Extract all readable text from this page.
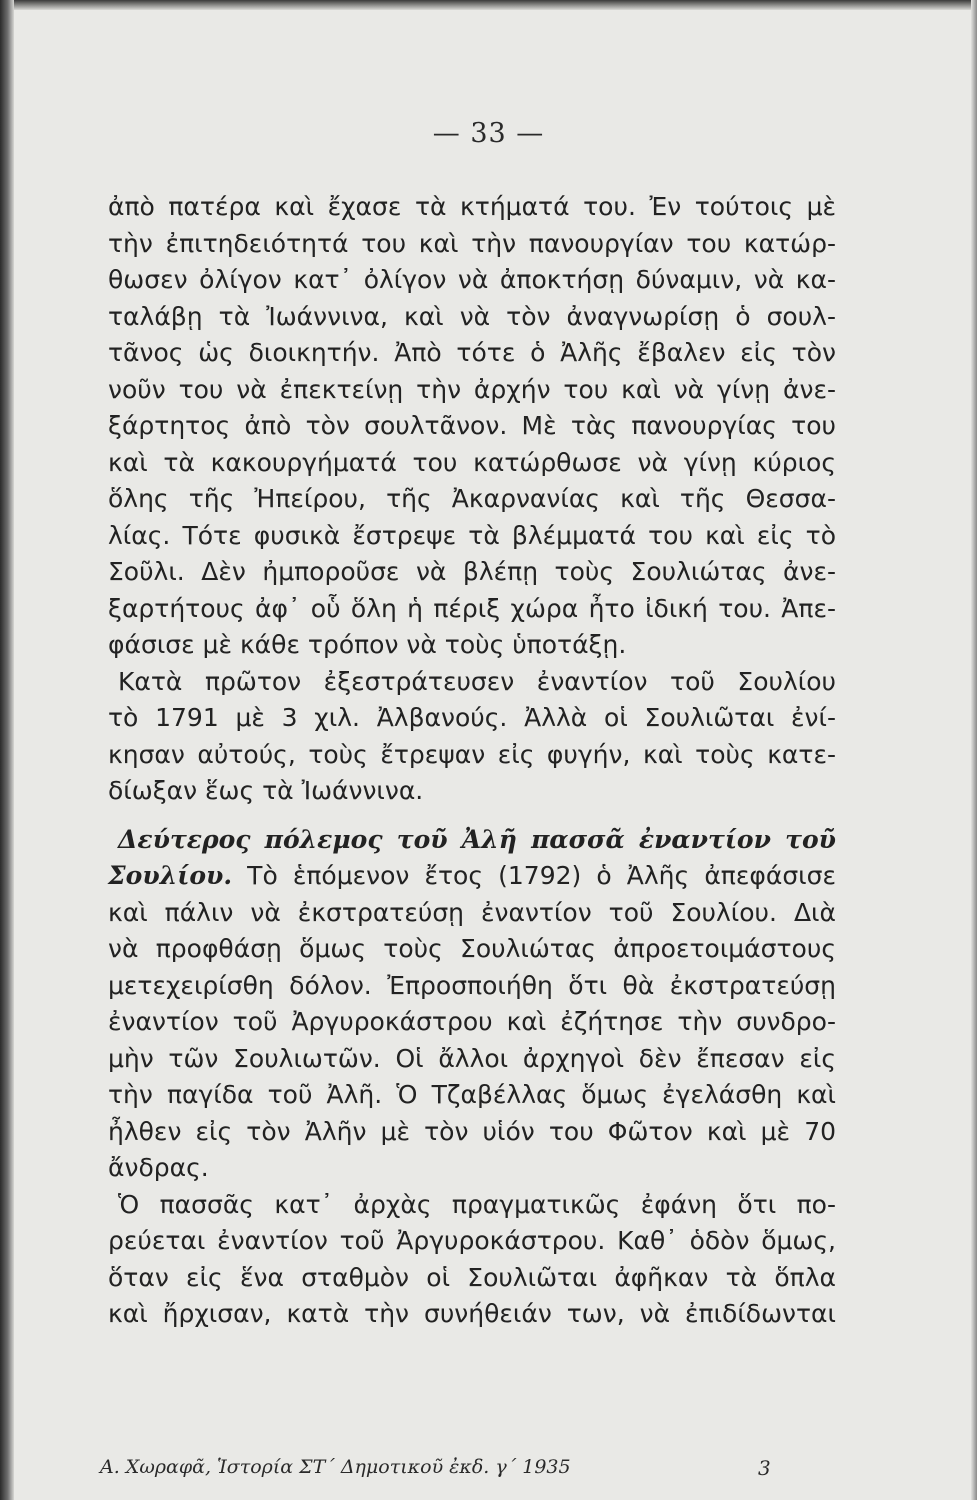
— 33 —
ἀπὸ πατέρα καὶ ἔχασε τὰ κτήματά του. Ἐν τούτοις μὲ
τὴν ἐπιτηδειότητά του καὶ τὴν πανουργίαν του κατώρ-
θωσεν ὀλίγον κατ᾿ ὀλίγον νὰ ἀποκτήσῃ δύναμιν, νὰ κα-
ταλάβῃ τὰ Ἰωάννινα, καὶ νὰ τὸν ἀναγνωρίσῃ ὁ σουλ-
τᾶνος ὡς διοικητήν. Ἀπὸ τότε ὁ Ἀλῆς ἔβαλεν εἰς τὸν
νοῦν του νὰ ἐπεκτείνῃ τὴν ἀρχήν του καὶ νὰ γίνῃ ἀνε-
ξάρτητος ἀπὸ τὸν σουλτᾶνον. Μὲ τὰς πανουργίας του
καὶ τὰ κακουργήματά του κατώρθωσε νὰ γίνῃ κύριος
ὅλης τῆς Ἠπείρου, τῆς Ἀκαρνανίας καὶ τῆς Θεσσα-
λίας. Τότε φυσικὰ ἔστρεψε τὰ βλέμματά του καὶ εἰς τὸ
Σοῦλι. Δὲν ἠμποροῦσε νὰ βλέπῃ τοὺς Σουλιώτας ἀνε-
ξαρτήτους ἀφ᾿ οὗ ὅλη ἡ πέριξ χώρα ἦτο ἰδική του. Ἀπε-
φάσισε μὲ κάθε τρόπον νὰ τοὺς ὑποτάξῃ.
Κατὰ πρῶτον ἐξεστράτευσεν ἐναντίον τοῦ Σουλίου
τὸ 1791 μὲ 3 χιλ. Ἀλβανούς. Ἀλλὰ οἱ Σουλιῶται ἐνί-
κησαν αὐτούς, τοὺς ἔτρεψαν εἰς φυγήν, καὶ τοὺς κατε-
δίωξαν ἕως τὰ Ἰωάννινα.
Δεύτερος πόλεμος τοῦ Ἀλῆ πασσᾶ ἐναντίον τοῦ
Σουλίου. Τὸ ἑπόμενον ἔτος (1792) ὁ Ἀλῆς ἀπεφάσισε
καὶ πάλιν νὰ ἐκστρατεύσῃ ἐναντίον τοῦ Σουλίου. Διὰ
νὰ προφθάσῃ ὅμως τοὺς Σουλιώτας ἀπροετοιμάστους
μετεχειρίσθη δόλον. Ἐπροσποιήθη ὅτι θὰ ἐκστρατεύσῃ
ἐναντίον τοῦ Ἀργυροκάστρου καὶ ἐζήτησε τὴν συνδρο-
μὴν τῶν Σουλιωτῶν. Οἱ ἄλλοι ἀρχηγοὶ δὲν ἔπεσαν εἰς
τὴν παγίδα τοῦ Ἀλῆ. Ὁ Τζαβέλλας ὅμως ἐγελάσθη καὶ
ἦλθεν εἰς τὸν Ἀλῆν μὲ τὸν υἱόν του Φῶτον καὶ μὲ 70
ἄνδρας.
Ὁ πασσᾶς κατ᾿ ἀρχὰς πραγματικῶς ἐφάνη ὅτι πο-
ρεύεται ἐναντίον τοῦ Ἀργυροκάστρου. Καθ᾿ ὁδὸν ὅμως,
ὅταν εἰς ἕνα σταθμὸν οἱ Σουλιῶται ἀφῆκαν τὰ ὅπλα
καὶ ἤρχισαν, κατὰ τὴν συνήθειάν των, νὰ ἐπιδίδωνται
Α. Χωραφᾶ, Ἱστορία ΣΤ΄ Δημοτικοῦ ἐκδ. γ΄ 1935	3
